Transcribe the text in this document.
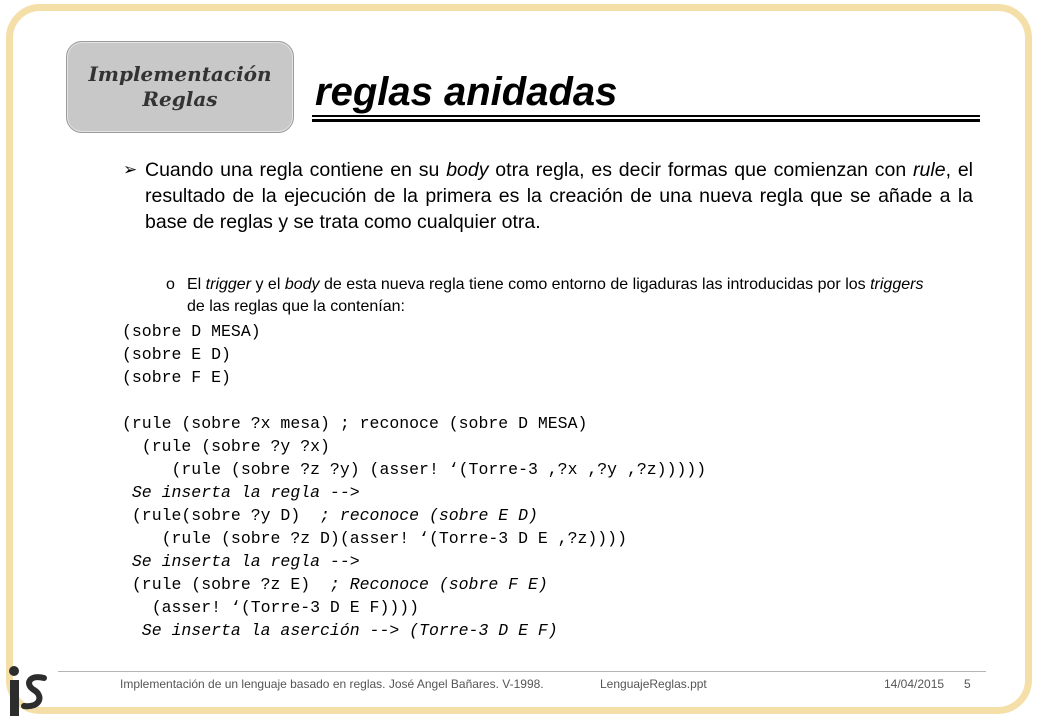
Implementación
Reglas reglas anidadas
➢ Cuando una regla contiene en su body otra regla, es decir formas que comienzan con rule, el resultado de la ejecución de la primera es la creación de una nueva regla que se añade a la base de reglas y se trata como cualquier otra.
o El trigger y el body de esta nueva regla tiene como entorno de ligaduras las introducidas por los triggers de las reglas que la contenían:
(sobre D MESA)
(sobre E D)
(sobre F E)
(rule (sobre ?x mesa) ; reconoce (sobre D MESA)
(rule (sobre ?y ?x)
(rule (sobre ?z ?y) (asser! ‘(Torre-3 ,?x ,?y ,?z)))))
Se inserta la regla -->
(rule(sobre ?y D)  ; reconoce (sobre E D)
(rule (sobre ?z D)(asser! ‘(Torre-3 D E ,?z))))
Se inserta la regla -->
(rule (sobre ?z E)  ; Reconoce (sobre F E)
(asser! ‘(Torre-3 D E F))))
Se inserta la aserción --> (Torre-3 D E F)
Implementación de un lenguaje basado en reglas. José Angel Bañares. V-1998.	LenguajeReglas.ppt	14/04/2015 5
